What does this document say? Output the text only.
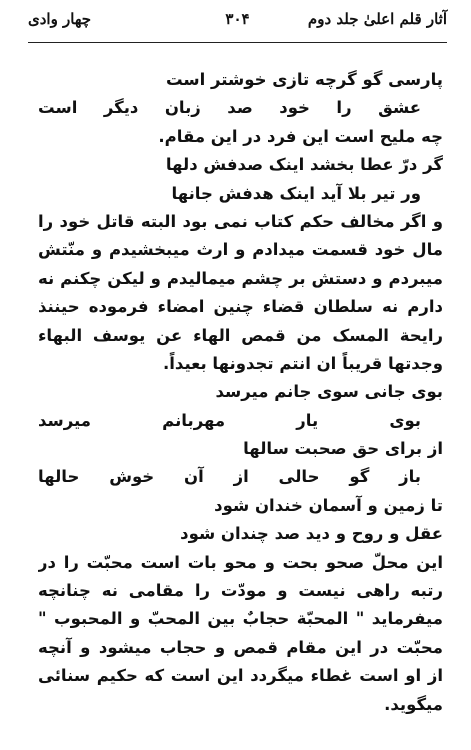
آثار قلم اعلیٰ جلد دوم
۳۰۴
چهار وادی
پارسی گو گرچه تازی خوشتر است
عشق را خود صد زبان دیگر است
چه ملیح است این فرد در این مقام.
گر درّ عطا بخشد اینک صدفش دلها
ور تیر بلا آید اینک هدفش جانها
و اگر مخالف حکم کتاب نمی بود البته قاتل خود را
مال خود قسمت میدادم و ارث میبخشیدم و منّتش
میبردم و دستش بر چشم میمالیدم و لیکن چکنم نه
دارم نه سلطان قضاء چنین امضاء فرموده حیننذ
رایحة المسک من قمص الهاء عن یوسف البهاء
وجدتها قریباً ان انتم تجدونها بعیداً.
بوی جانی سوی جانم میرسد
بوی یار مهربانم میرسد
از برای حق صحبت سالها
باز گو حالی از آن خوش حالها
تا زمین و آسمان خندان شود
عقل و روح و دید صد چندان شود
این محلّ صحو بحت و محو بات است محبّت را در
رتبه راهی نیست و مودّت را مقامی نه چنانچه
میفرماید " المحبّة حجابٌ بین المحبّ و المحبوب "
محبّت در این مقام قمص و حجاب میشود و آنچه
از او است غطاء میگردد این است که حکیم سنائی
میگوید.
